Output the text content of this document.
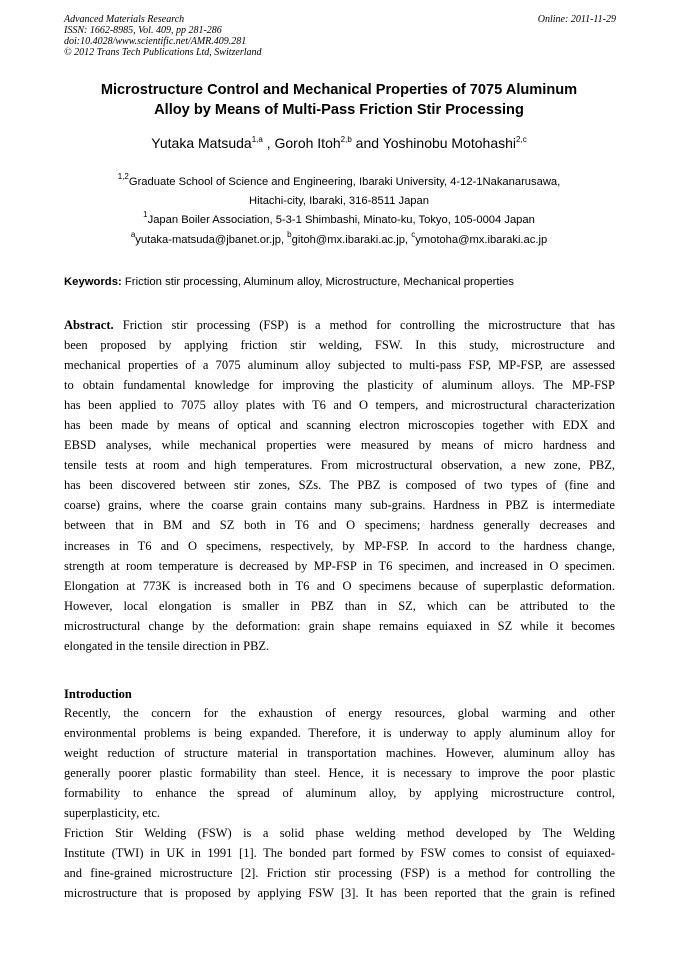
Advanced Materials Research
ISSN: 1662-8985, Vol. 409, pp 281-286
doi:10.4028/www.scientific.net/AMR.409.281
© 2012 Trans Tech Publications Ltd, Switzerland
Online: 2011-11-29
Microstructure Control and Mechanical Properties of 7075 Aluminum
Alloy by Means of Multi-Pass Friction Stir Processing
Yutaka Matsuda$^{1,a}$ , Goroh Itoh$^{2,b}$ and Yoshinobu Motohashi$^{2,c}$
$^{1,2}$Graduate School of Science and Engineering, Ibaraki University, 4-12-1Nakanarusawa,
Hitachi-city, Ibaraki, 316-8511 Japan
$^1$Japan Boiler Association, 5-3-1 Shimbashi, Minato-ku, Tokyo, 105-0004 Japan
$^a$yutaka-matsuda@jbanet.or.jp, $^b$gitoh@mx.ibaraki.ac.jp, $^c$ymotoha@mx.ibaraki.ac.jp
Keywords: Friction stir processing, Aluminum alloy, Microstructure, Mechanical properties
Abstract. Friction stir processing (FSP) is a method for controlling the microstructure that has
been proposed by applying friction stir welding, FSW. In this study, microstructure and
mechanical properties of a 7075 aluminum alloy subjected to multi-pass FSP, MP-FSP, are assessed
to obtain fundamental knowledge for improving the plasticity of aluminum alloys. The MP-FSP
has been applied to 7075 alloy plates with T6 and O tempers, and microstructural characterization
has been made by means of optical and scanning electron microscopies together with EDX and
EBSD analyses, while mechanical properties were measured by means of micro hardness and
tensile tests at room and high temperatures. From microstructural observation, a new zone, PBZ,
has been discovered between stir zones, SZs. The PBZ is composed of two types of (fine and
coarse) grains, where the coarse grain contains many sub-grains. Hardness in PBZ is intermediate
between that in BM and SZ both in T6 and O specimens; hardness generally decreases and
increases in T6 and O specimens, respectively, by MP-FSP. In accord to the hardness change,
strength at room temperature is decreased by MP-FSP in T6 specimen, and increased in O specimen.
Elongation at 773K is increased both in T6 and O specimens because of superplastic deformation.
However, local elongation is smaller in PBZ than in SZ, which can be attributed to the
microstructural change by the deformation: grain shape remains equiaxed in SZ while it becomes
elongated in the tensile direction in PBZ.
Introduction
Recently, the concern for the exhaustion of energy resources, global warming and other
environmental problems is being expanded. Therefore, it is underway to apply aluminum alloy for
weight reduction of structure material in transportation machines. However, aluminum alloy has
generally poorer plastic formability than steel. Hence, it is necessary to improve the poor plastic
formability to enhance the spread of aluminum alloy, by applying microstructure control,
superplasticity, etc.
Friction Stir Welding (FSW) is a solid phase welding method developed by The Welding
Institute (TWI) in UK in 1991 [1]. The bonded part formed by FSW comes to consist of equiaxed-
and fine-grained microstructure [2]. Friction stir processing (FSP) is a method for controlling the
microstructure that is proposed by applying FSW [3]. It has been reported that the grain is refined
